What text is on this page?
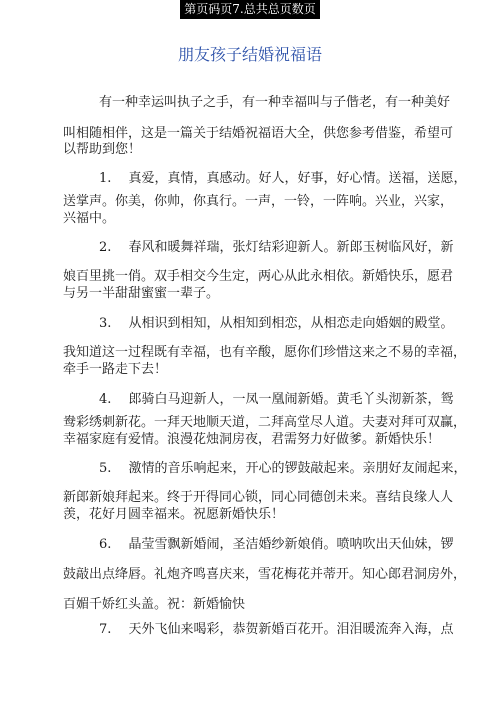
第页码页7.总共总页数页
朋友孩子结婚祝福语
有一种幸运叫执子之手，有一种幸福叫与子偕老，有一种美好
叫相随相伴，这是一篇关于结婚祝福语大全，供您参考借鉴，希望可
以帮助到您！
1.　 真爱，真情，真感动。好人，好事，好心情。送福，送愿，
送掌声。你美，你帅，你真行。一声，一铃，一阵响。兴业，兴家，
兴福中。
2.　 春风和暖舞祥瑞，张灯结彩迎新人。新郎玉树临风好，新
娘百里挑一俏。双手相交今生定，两心从此永相依。新婚快乐，愿君
与另一半甜甜蜜蜜一辈子。
3.　 从相识到相知，从相知到相恋，从相恋走向婚姻的殿堂。
我知道这一过程既有幸福，也有辛酸，愿你们珍惜这来之不易的幸福，
牵手一路走下去！
4.　 郎骑白马迎新人，一凤一凰闹新婚。黄毛丫头沏新茶，鸳
鸯彩绣刺新花。一拜天地顺天道，二拜高堂尽人道。夫妻对拜可双赢，
幸福家庭有爱情。浪漫花烛洞房夜，君需努力好做爹。新婚快乐！
5.　 激情的音乐响起来，开心的锣鼓敲起来。亲朋好友闹起来，
新郎新娘拜起来。终于开得同心锁，同心同德创未来。喜结良缘人人
羡，花好月圆幸福来。祝愿新婚快乐！
6.　 晶莹雪飘新婚闹，圣洁婚纱新娘俏。喷呐吹出天仙妹，锣
鼓敲出点绛唇。礼炮齐鸣喜庆来，雪花梅花并蒂开。知心郎君洞房外，
百媚千娇红头盖。祝：新婚愉快
7.　 天外飞仙来喝彩，恭贺新婚百花开。泪泪暖流奔入海，点
